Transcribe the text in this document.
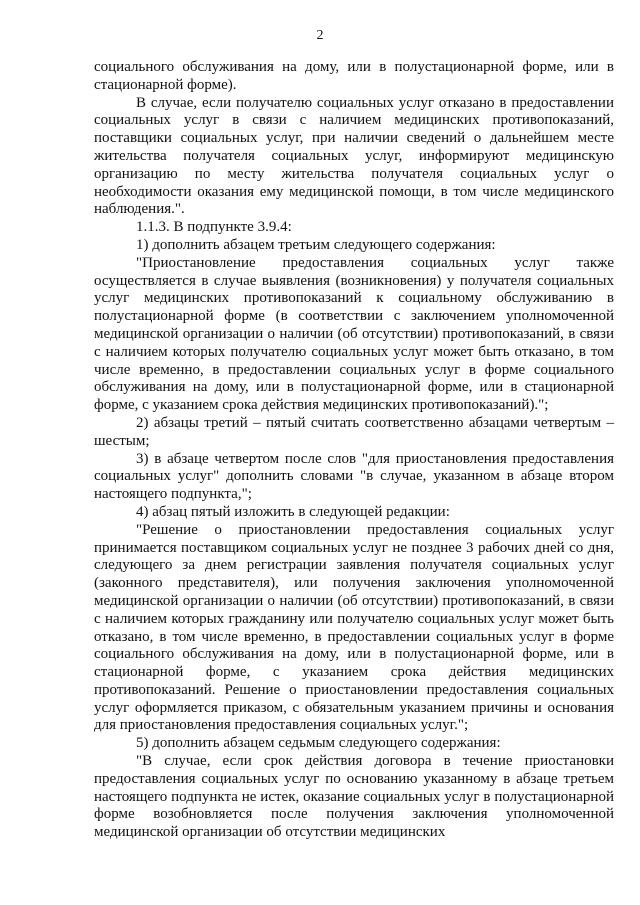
2

социального обслуживания на дому, или в полустационарной форме, или в стационарной форме).

В случае, если получателю социальных услуг отказано в предоставлении социальных услуг в связи с наличием медицинских противопоказаний, поставщики социальных услуг, при наличии сведений о дальнейшем месте жительства получателя социальных услуг, информируют медицинскую организацию по месту жительства получателя социальных услуг о необходимости оказания ему медицинской помощи, в том числе медицинского наблюдения.".

1.1.3. В подпункте 3.9.4:

1) дополнить абзацем третьим следующего содержания:

"Приостановление предоставления социальных услуг также осуществляется в случае выявления (возникновения) у получателя социальных услуг медицинских противопоказаний к социальному обслуживанию в полустационарной форме (в соответствии с заключением уполномоченной медицинской организации о наличии (об отсутствии) противопоказаний, в связи с наличием которых получателю социальных услуг может быть отказано, в том числе временно, в предоставлении социальных услуг в форме социального обслуживания на дому, или в полустационарной форме, или в стационарной форме, с указанием срока действия медицинских противопоказаний).";

2) абзацы третий – пятый считать соответственно абзацами четвертым – шестым;

3) в абзаце четвертом после слов "для приостановления предоставления социальных услуг" дополнить словами "в случае, указанном в абзаце втором настоящего подпункта,";

4) абзац пятый изложить в следующей редакции:

"Решение о приостановлении предоставления социальных услуг принимается поставщиком социальных услуг не позднее 3 рабочих дней со дня, следующего за днем регистрации заявления получателя социальных услуг (законного представителя), или получения заключения уполномоченной медицинской организации о наличии (об отсутствии) противопоказаний, в связи с наличием которых гражданину или получателю социальных услуг может быть отказано, в том числе временно, в предоставлении социальных услуг в форме социального обслуживания на дому, или в полустационарной форме, или в стационарной форме, с указанием срока действия медицинских противопоказаний. Решение о приостановлении предоставления социальных услуг оформляется приказом, с обязательным указанием причины и основания для приостановления предоставления социальных услуг.";

5) дополнить абзацем седьмым следующего содержания:

"В случае, если срок действия договора в течение приостановки предоставления социальных услуг по основанию указанному в абзаце третьем настоящего подпункта не истек, оказание социальных услуг в полустационарной форме возобновляется после получения заключения уполномоченной медицинской организации об отсутствии медицинских
